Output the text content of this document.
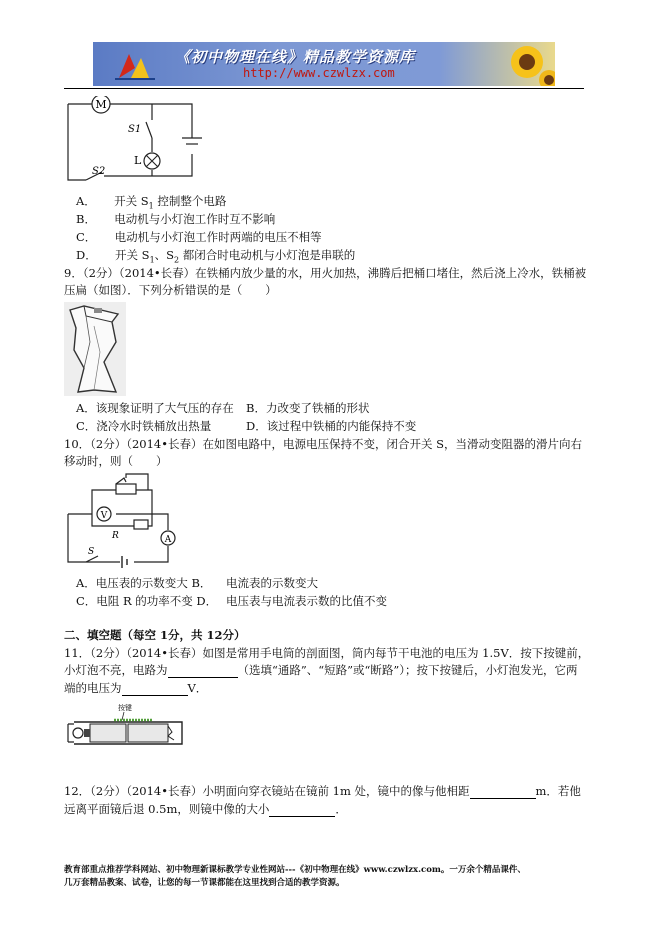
《初中物理在线》精品教学资源库
http://www.czwlzx.com
M
S1
L
S2
A． 开关 $S_1$ 控制整个电路
B． 电动机与小灯泡工作时互不影响
C． 电动机与小灯泡工作时两端的电压不相等
D． 开关 $S_1$、$S_2$ 都闭合时电动机与小灯泡是串联的
9．（2分）（2014•长春）在铁桶内放少量的水，用火加热，沸腾后把桶口堵住，然后浇上冷水，铁桶被
压扁（如图）．下列分析错误的是（　　）
A．该现象证明了大气压的存在 B．力改变了铁桶的形状
C．浇冷水时铁桶放出热量	D．该过程中铁桶的内能保持不变
10．（2分）（2014•长春）在如图电路中，电源电压保持不变，闭合开关 S，当滑动变阻器的滑片向右
移动时，则（　　）
V
A
R
S
A．电压表的示数变大 B． 电流表的示数变大
C．电阻 R 的功率不变 D． 电压表与电流表示数的比值不变
二、填空题（每空 1分，共 12分）
11．（2分）（2014•长春）如图是常用手电筒的剖面图，筒内每节干电池的电压为 1.5V．按下按键前，
小灯泡不亮，电路为	（选填“通路”、“短路”或“断路”）；按下按键后，小灯泡发光，它两
端的电压为	V．
按键
12．（2分）（2014•长春）小明面向穿衣镜站在镜前 1m 处，镜中的像与他相距	m．若他
远离平面镜后退 0.5m，则镜中像的大小	．
教育部重点推荐学科网站、初中物理新课标教学专业性网站---《初中物理在线》www.czwlzx.com。一万余个精品课件、
几万套精品教案、试卷，让您的每一节课都能在这里找到合适的教学资源。
